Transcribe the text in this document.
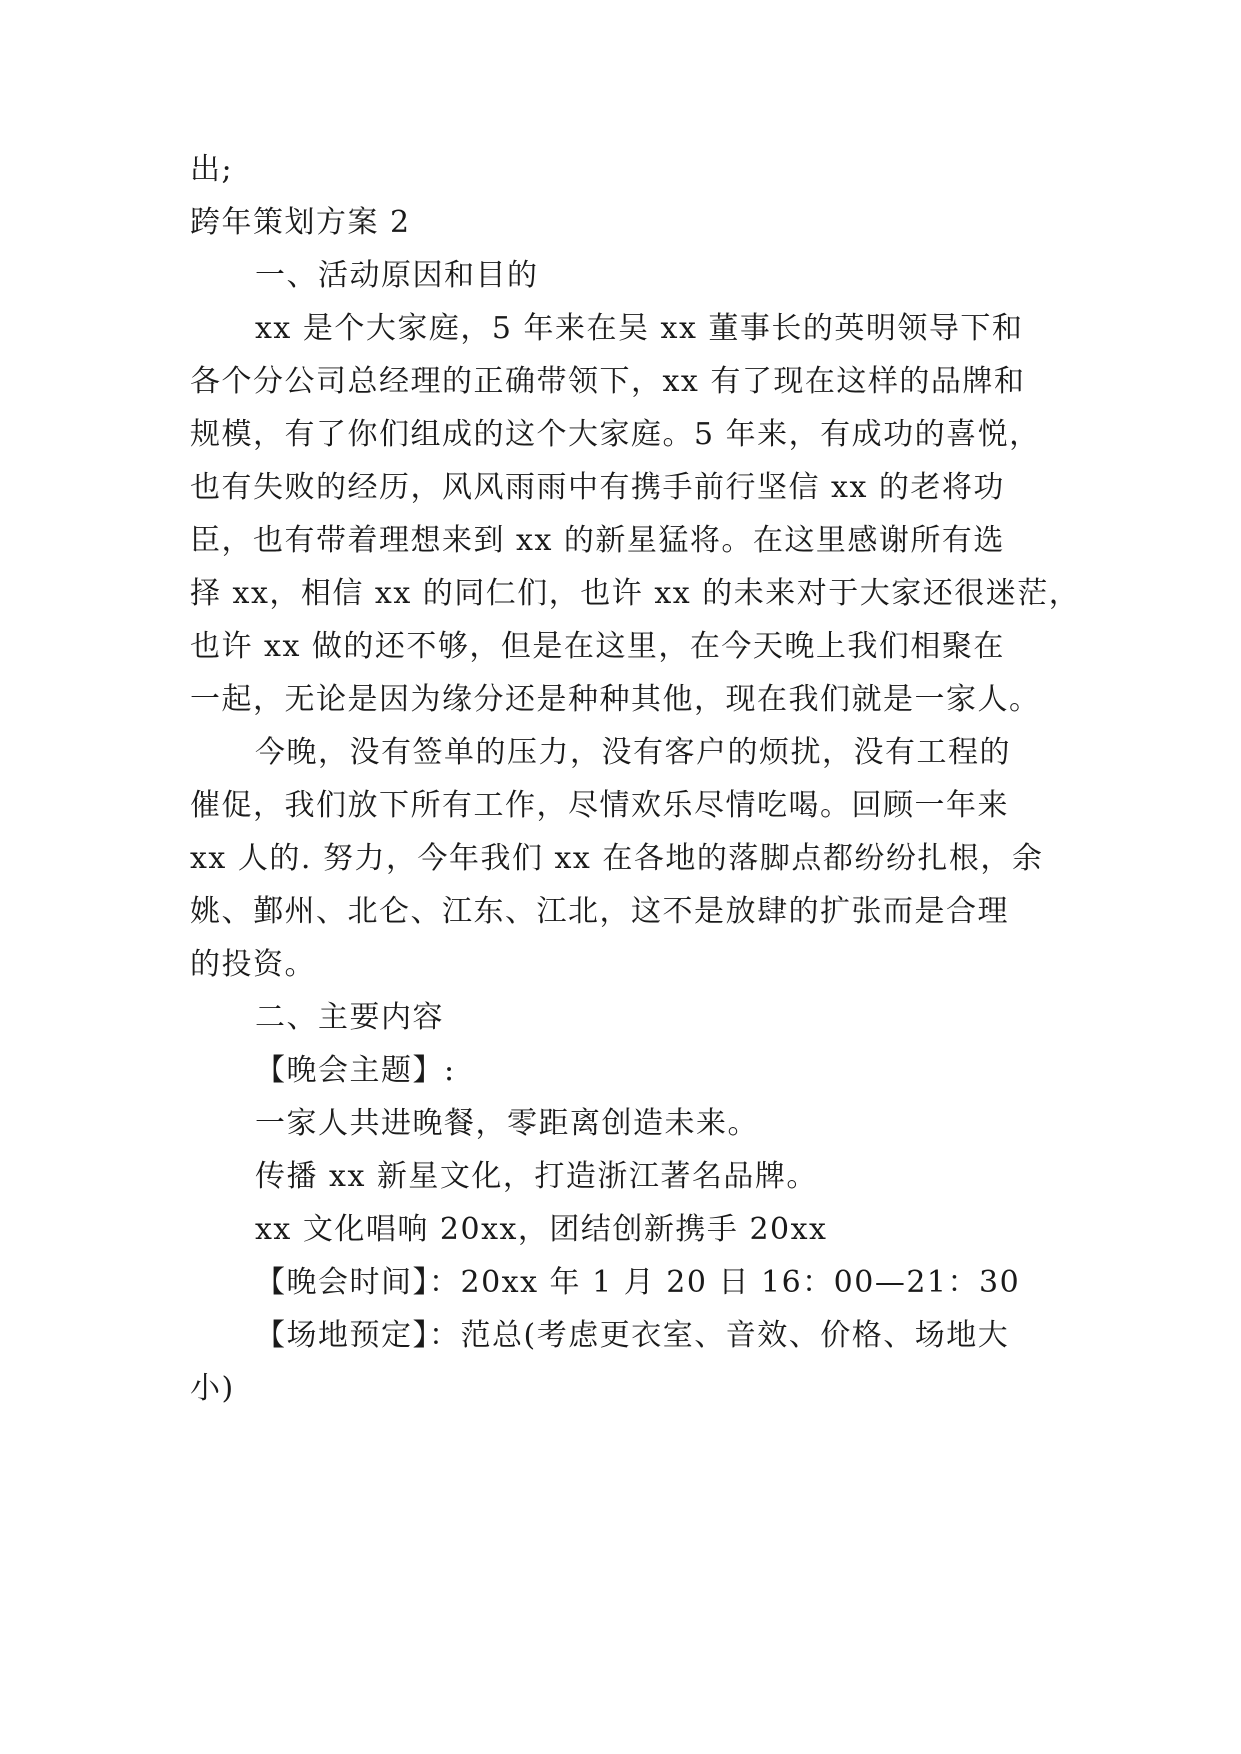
出;
跨年策划方案 2
一、活动原因和目的
xx 是个大家庭，5 年来在吴 xx 董事长的英明领导下和
各个分公司总经理的正确带领下，xx 有了现在这样的品牌和
规模，有了你们组成的这个大家庭。5 年来，有成功的喜悦，
也有失败的经历，风风雨雨中有携手前行坚信 xx 的老将功
臣，也有带着理想来到 xx 的新星猛将。在这里感谢所有选
择 xx，相信 xx 的同仁们，也许 xx 的未来对于大家还很迷茫，
也许 xx 做的还不够，但是在这里，在今天晚上我们相聚在
一起，无论是因为缘分还是种种其他，现在我们就是一家人。
今晚，没有签单的压力，没有客户的烦扰，没有工程的
催促，我们放下所有工作，尽情欢乐尽情吃喝。回顾一年来
xx 人的. 努力，今年我们 xx 在各地的落脚点都纷纷扎根，余
姚、鄞州、北仑、江东、江北，这不是放肆的扩张而是合理
的投资。
二、主要内容
【晚会主题】:
一家人共进晚餐，零距离创造未来。
传播 xx 新星文化，打造浙江著名品牌。
xx 文化唱响 20xx，团结创新携手 20xx
【晚会时间】：20xx 年 1 月 20 日 16：00—21：30
【场地预定】：范总(考虑更衣室、音效、价格、场地大
小)
